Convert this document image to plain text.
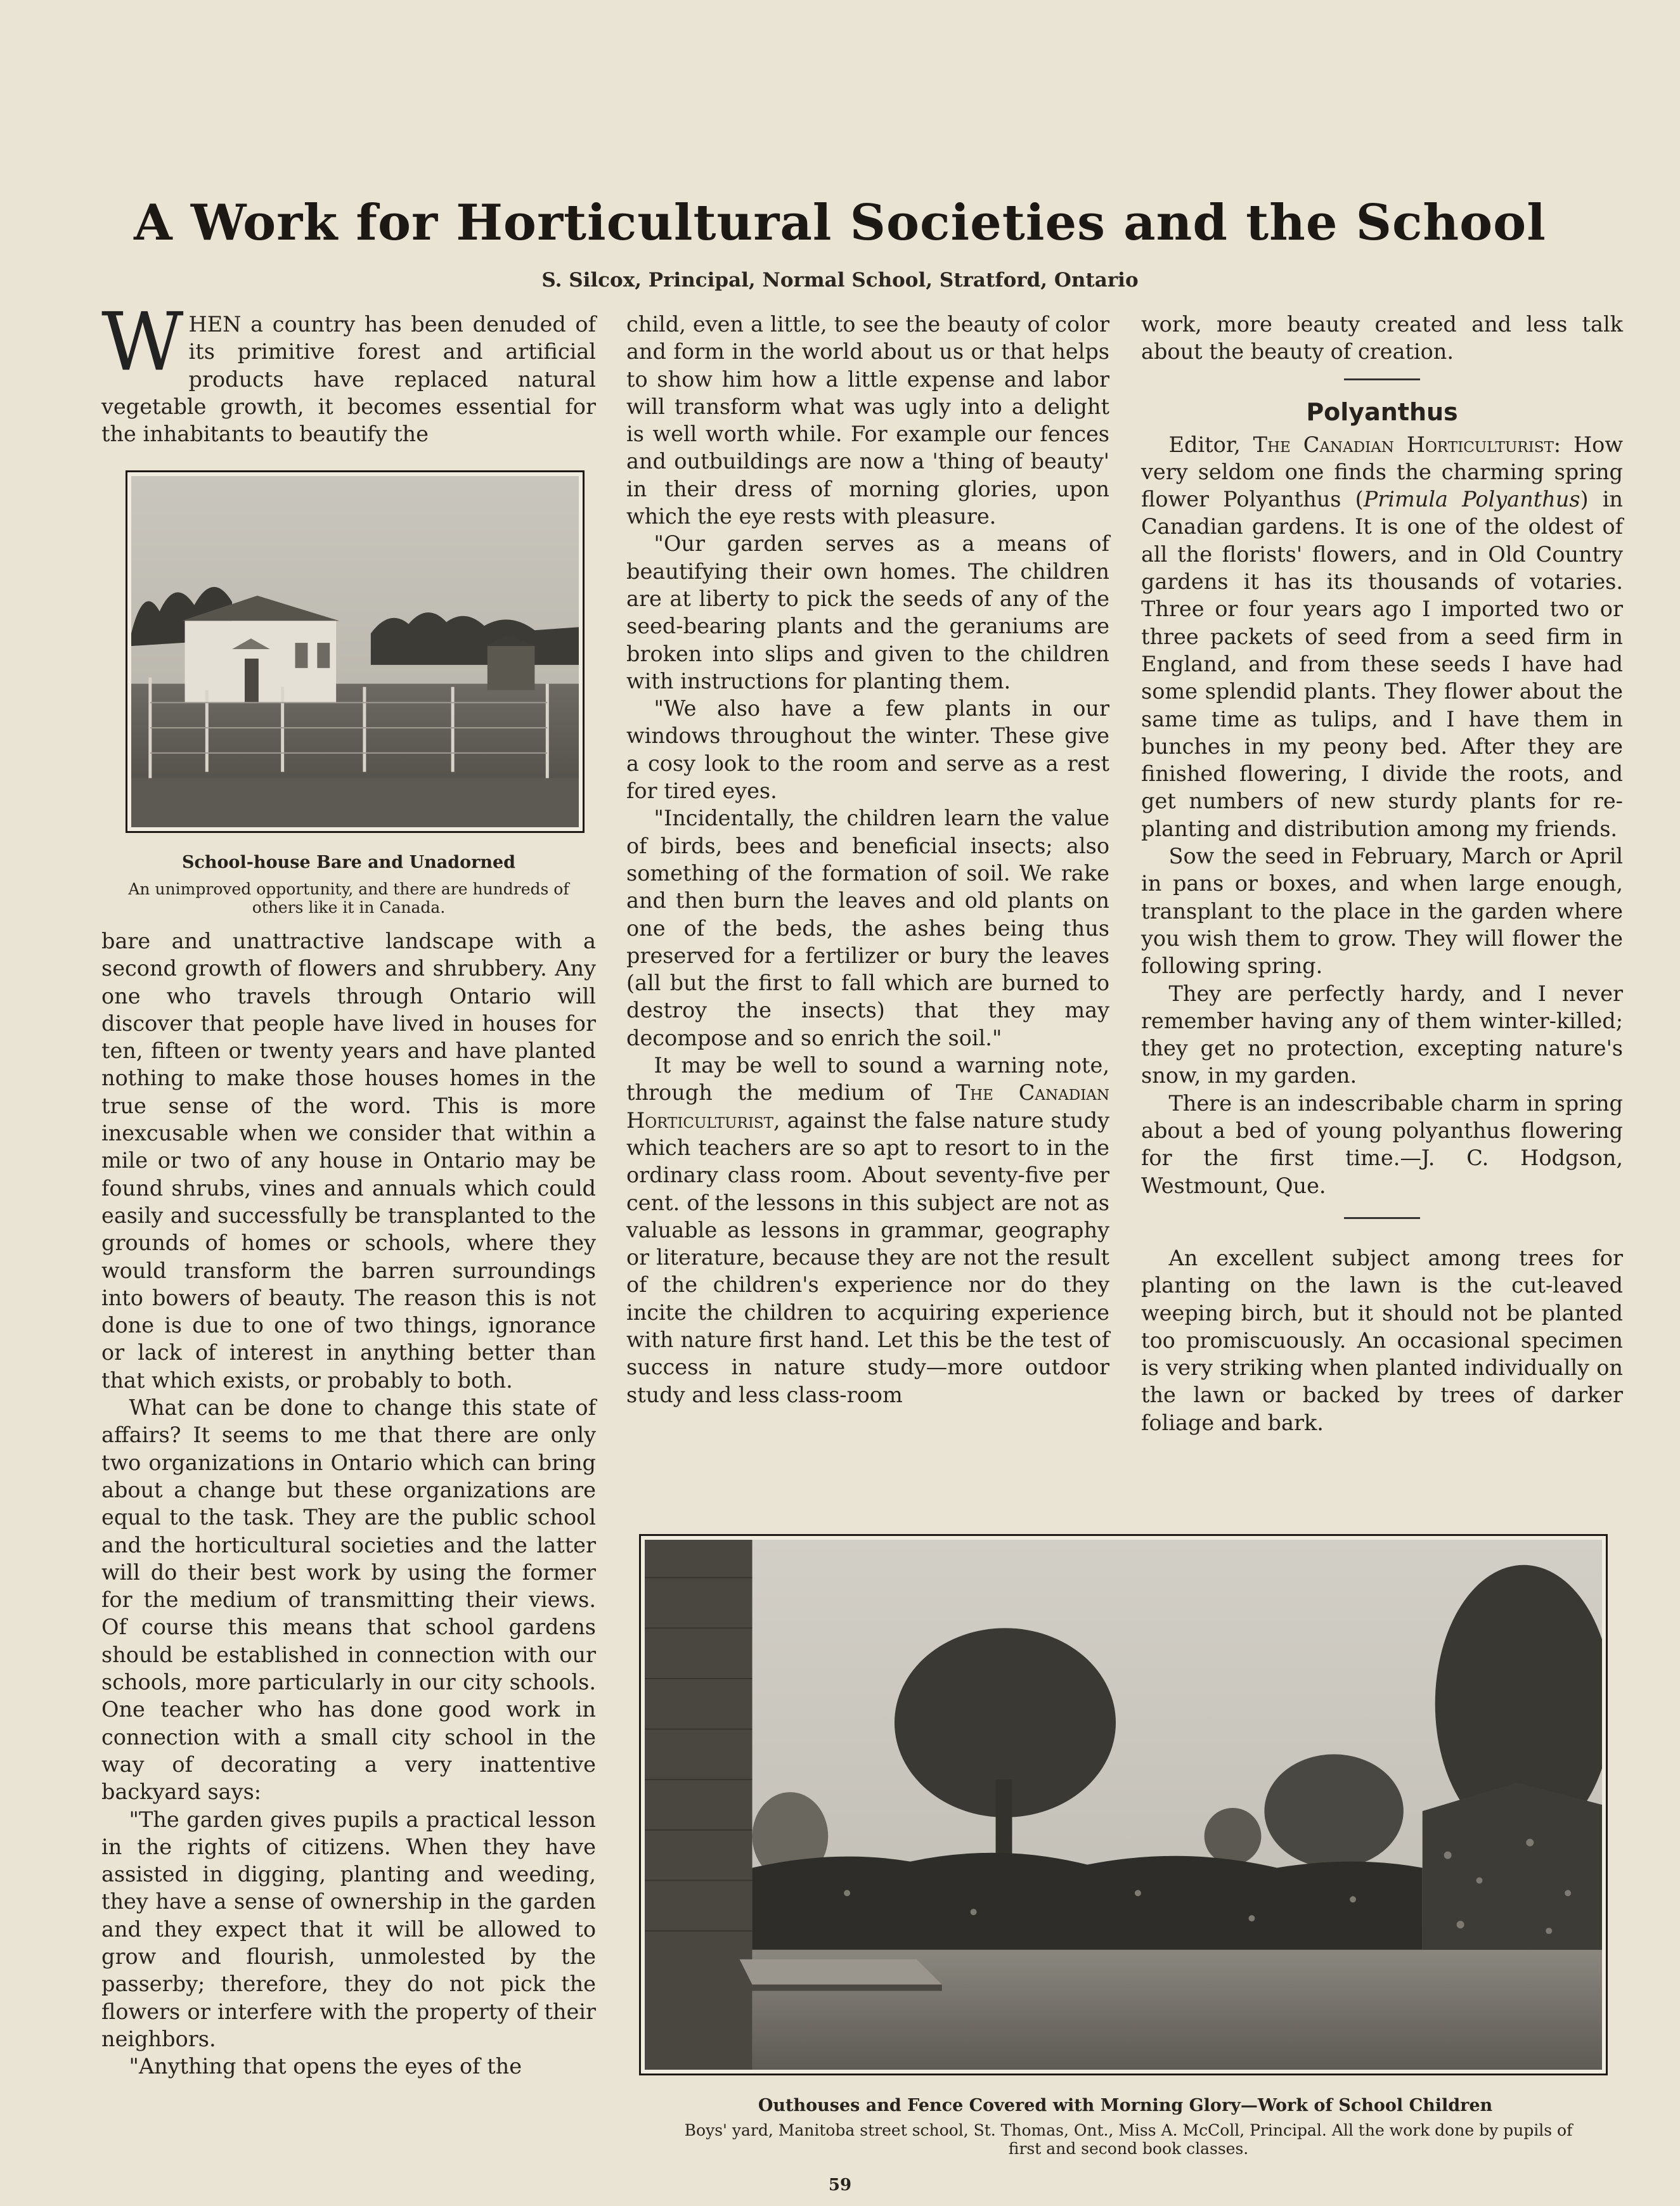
A Work for Horticultural Societies and the School
S. Silcox, Principal, Normal School, Stratford, Ontario

WHEN a country has been denuded of its primitive forest and artificial products have replaced natural vegetable growth, it becomes essential for the inhabitants to beautify the

School-house Bare and Unadorned
An unimproved opportunity, and there are hundreds of others like it in Canada.

bare and unattractive landscape with a second growth of flowers and shrubbery. Any one who travels through Ontario will discover that people have lived in houses for ten, fifteen or twenty years and have planted nothing to make those houses homes in the true sense of the word. This is more inexcusable when we consider that within a mile or two of any house in Ontario may be found shrubs, vines and annuals which could easily and successfully be transplanted to the grounds of homes or schools, where they would transform the barren surroundings into bowers of beauty. The reason this is not done is due to one of two things, ignorance or lack of interest in anything better than that which exists, or probably to both.

What can be done to change this state of affairs? It seems to me that there are only two organizations in Ontario which can bring about a change but these organizations are equal to the task. They are the public school and the horticultural societies and the latter will do their best work by using the former for the medium of transmitting their views. Of course this means that school gardens should be established in connection with our schools, more particularly in our city schools. One teacher who has done good work in connection with a small city school in the way of decorating a very inattentive backyard says:

"The garden gives pupils a practical lesson in the rights of citizens. When they have assisted in digging, planting and weeding, they have a sense of ownership in the garden and they expect that it will be allowed to grow and flourish, unmolested by the passerby; therefore, they do not pick the flowers or interfere with the property of their neighbors.

"Anything that opens the eyes of the

child, even a little, to see the beauty of color and form in the world about us or that helps to show him how a little expense and labor will transform what was ugly into a delight is well worth while. For example our fences and outbuildings are now a 'thing of beauty' in their dress of morning glories, upon which the eye rests with pleasure.

"Our garden serves as a means of beautifying their own homes. The children are at liberty to pick the seeds of any of the seed-bearing plants and the geraniums are broken into slips and given to the children with instructions for planting them.

"We also have a few plants in our windows throughout the winter. These give a cosy look to the room and serve as a rest for tired eyes.

"Incidentally, the children learn the value of birds, bees and beneficial insects; also something of the formation of soil. We rake and then burn the leaves and old plants on one of the beds, the ashes being thus preserved for a fertilizer or bury the leaves (all but the first to fall which are burned to destroy the insects) that they may decompose and so enrich the soil."

It may be well to sound a warning note, through the medium of The Canadian Horticulturist, against the false nature study which teachers are so apt to resort to in the ordinary class room. About seventy-five per cent. of the lessons in this subject are not as valuable as lessons in grammar, geography or literature, because they are not the result of the children's experience nor do they incite the children to acquiring experience with nature first hand. Let this be the test of success in nature study—more outdoor study and less class-room

work, more beauty created and less talk about the beauty of creation.

Polyanthus

Editor, The Canadian Horticulturist: How very seldom one finds the charming spring flower Polyanthus (Primula Polyanthus) in Canadian gardens. It is one of the oldest of all the florists' flowers, and in Old Country gardens it has its thousands of votaries. Three or four years ago I imported two or three packets of seed from a seed firm in England, and from these seeds I have had some splendid plants. They flower about the same time as tulips, and I have them in bunches in my peony bed. After they are finished flowering, I divide the roots, and get numbers of new sturdy plants for re-planting and distribution among my friends.

Sow the seed in February, March or April in pans or boxes, and when large enough, transplant to the place in the garden where you wish them to grow. They will flower the following spring.

They are perfectly hardy, and I never remember having any of them winter-killed; they get no protection, excepting nature's snow, in my garden.

There is an indescribable charm in spring about a bed of young polyanthus flowering for the first time.—J. C. Hodgson, Westmount, Que.

An excellent subject among trees for planting on the lawn is the cut-leaved weeping birch, but it should not be planted too promiscuously. An occasional specimen is very striking when planted individually on the lawn or backed by trees of darker foliage and bark.

Outhouses and Fence Covered with Morning Glory—Work of School Children
Boys' yard, Manitoba street school, St. Thomas, Ont., Miss A. McColl, Principal. All the work done by pupils of first and second book classes.
59
